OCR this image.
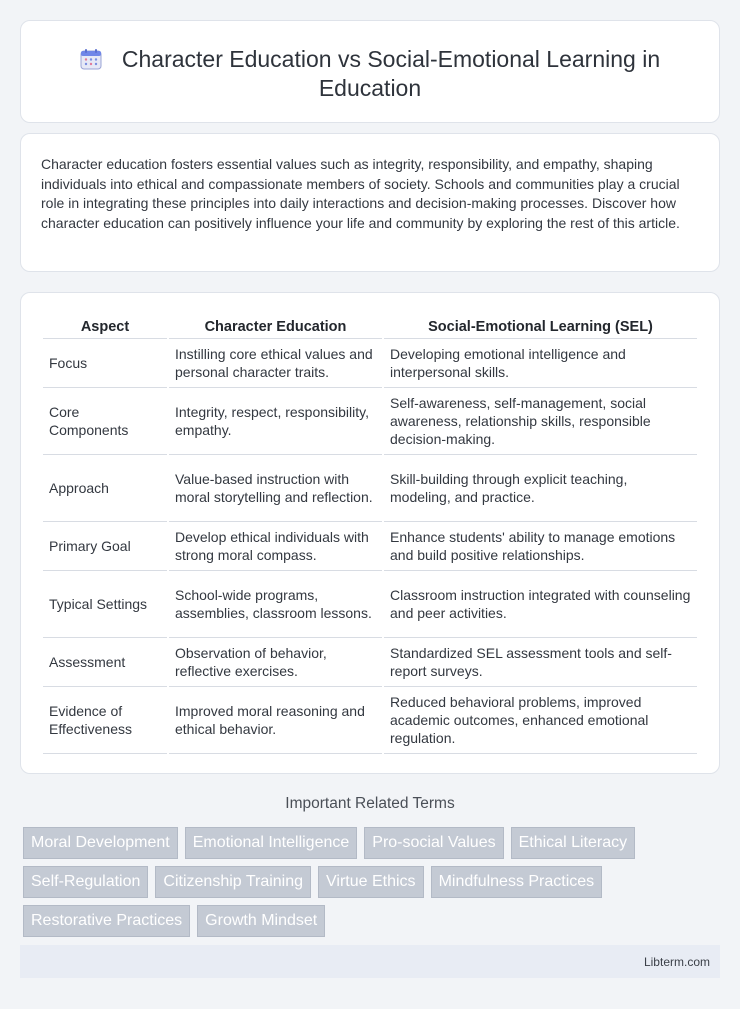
Character Education vs Social-Emotional Learning in Education

Character education fosters essential values such as integrity, responsibility, and empathy, shaping individuals into ethical and compassionate members of society. Schools and communities play a crucial role in integrating these principles into daily interactions and decision-making processes. Discover how character education can positively influence your life and community by exploring the rest of this article.

Aspect	Character Education	Social-Emotional Learning (SEL)
Focus	Instilling core ethical values and personal character traits.	Developing emotional intelligence and interpersonal skills.
Core Components	Integrity, respect, responsibility, empathy.	Self-awareness, self-management, social awareness, relationship skills, responsible decision-making.
Approach	Value-based instruction with moral storytelling and reflection.	Skill-building through explicit teaching, modeling, and practice.
Primary Goal	Develop ethical individuals with strong moral compass.	Enhance students' ability to manage emotions and build positive relationships.
Typical Settings	School-wide programs, assemblies, classroom lessons.	Classroom instruction integrated with counseling and peer activities.
Assessment	Observation of behavior, reflective exercises.	Standardized SEL assessment tools and self-report surveys.
Evidence of Effectiveness	Improved moral reasoning and ethical behavior.	Reduced behavioral problems, improved academic outcomes, enhanced emotional regulation.
Important Related Terms
Moral Development	Emotional Intelligence	Pro-social Values	Ethical Literacy
Self-Regulation	Citizenship Training	Virtue Ethics	Mindfulness Practices
Restorative Practices	Growth Mindset
Libterm.com
